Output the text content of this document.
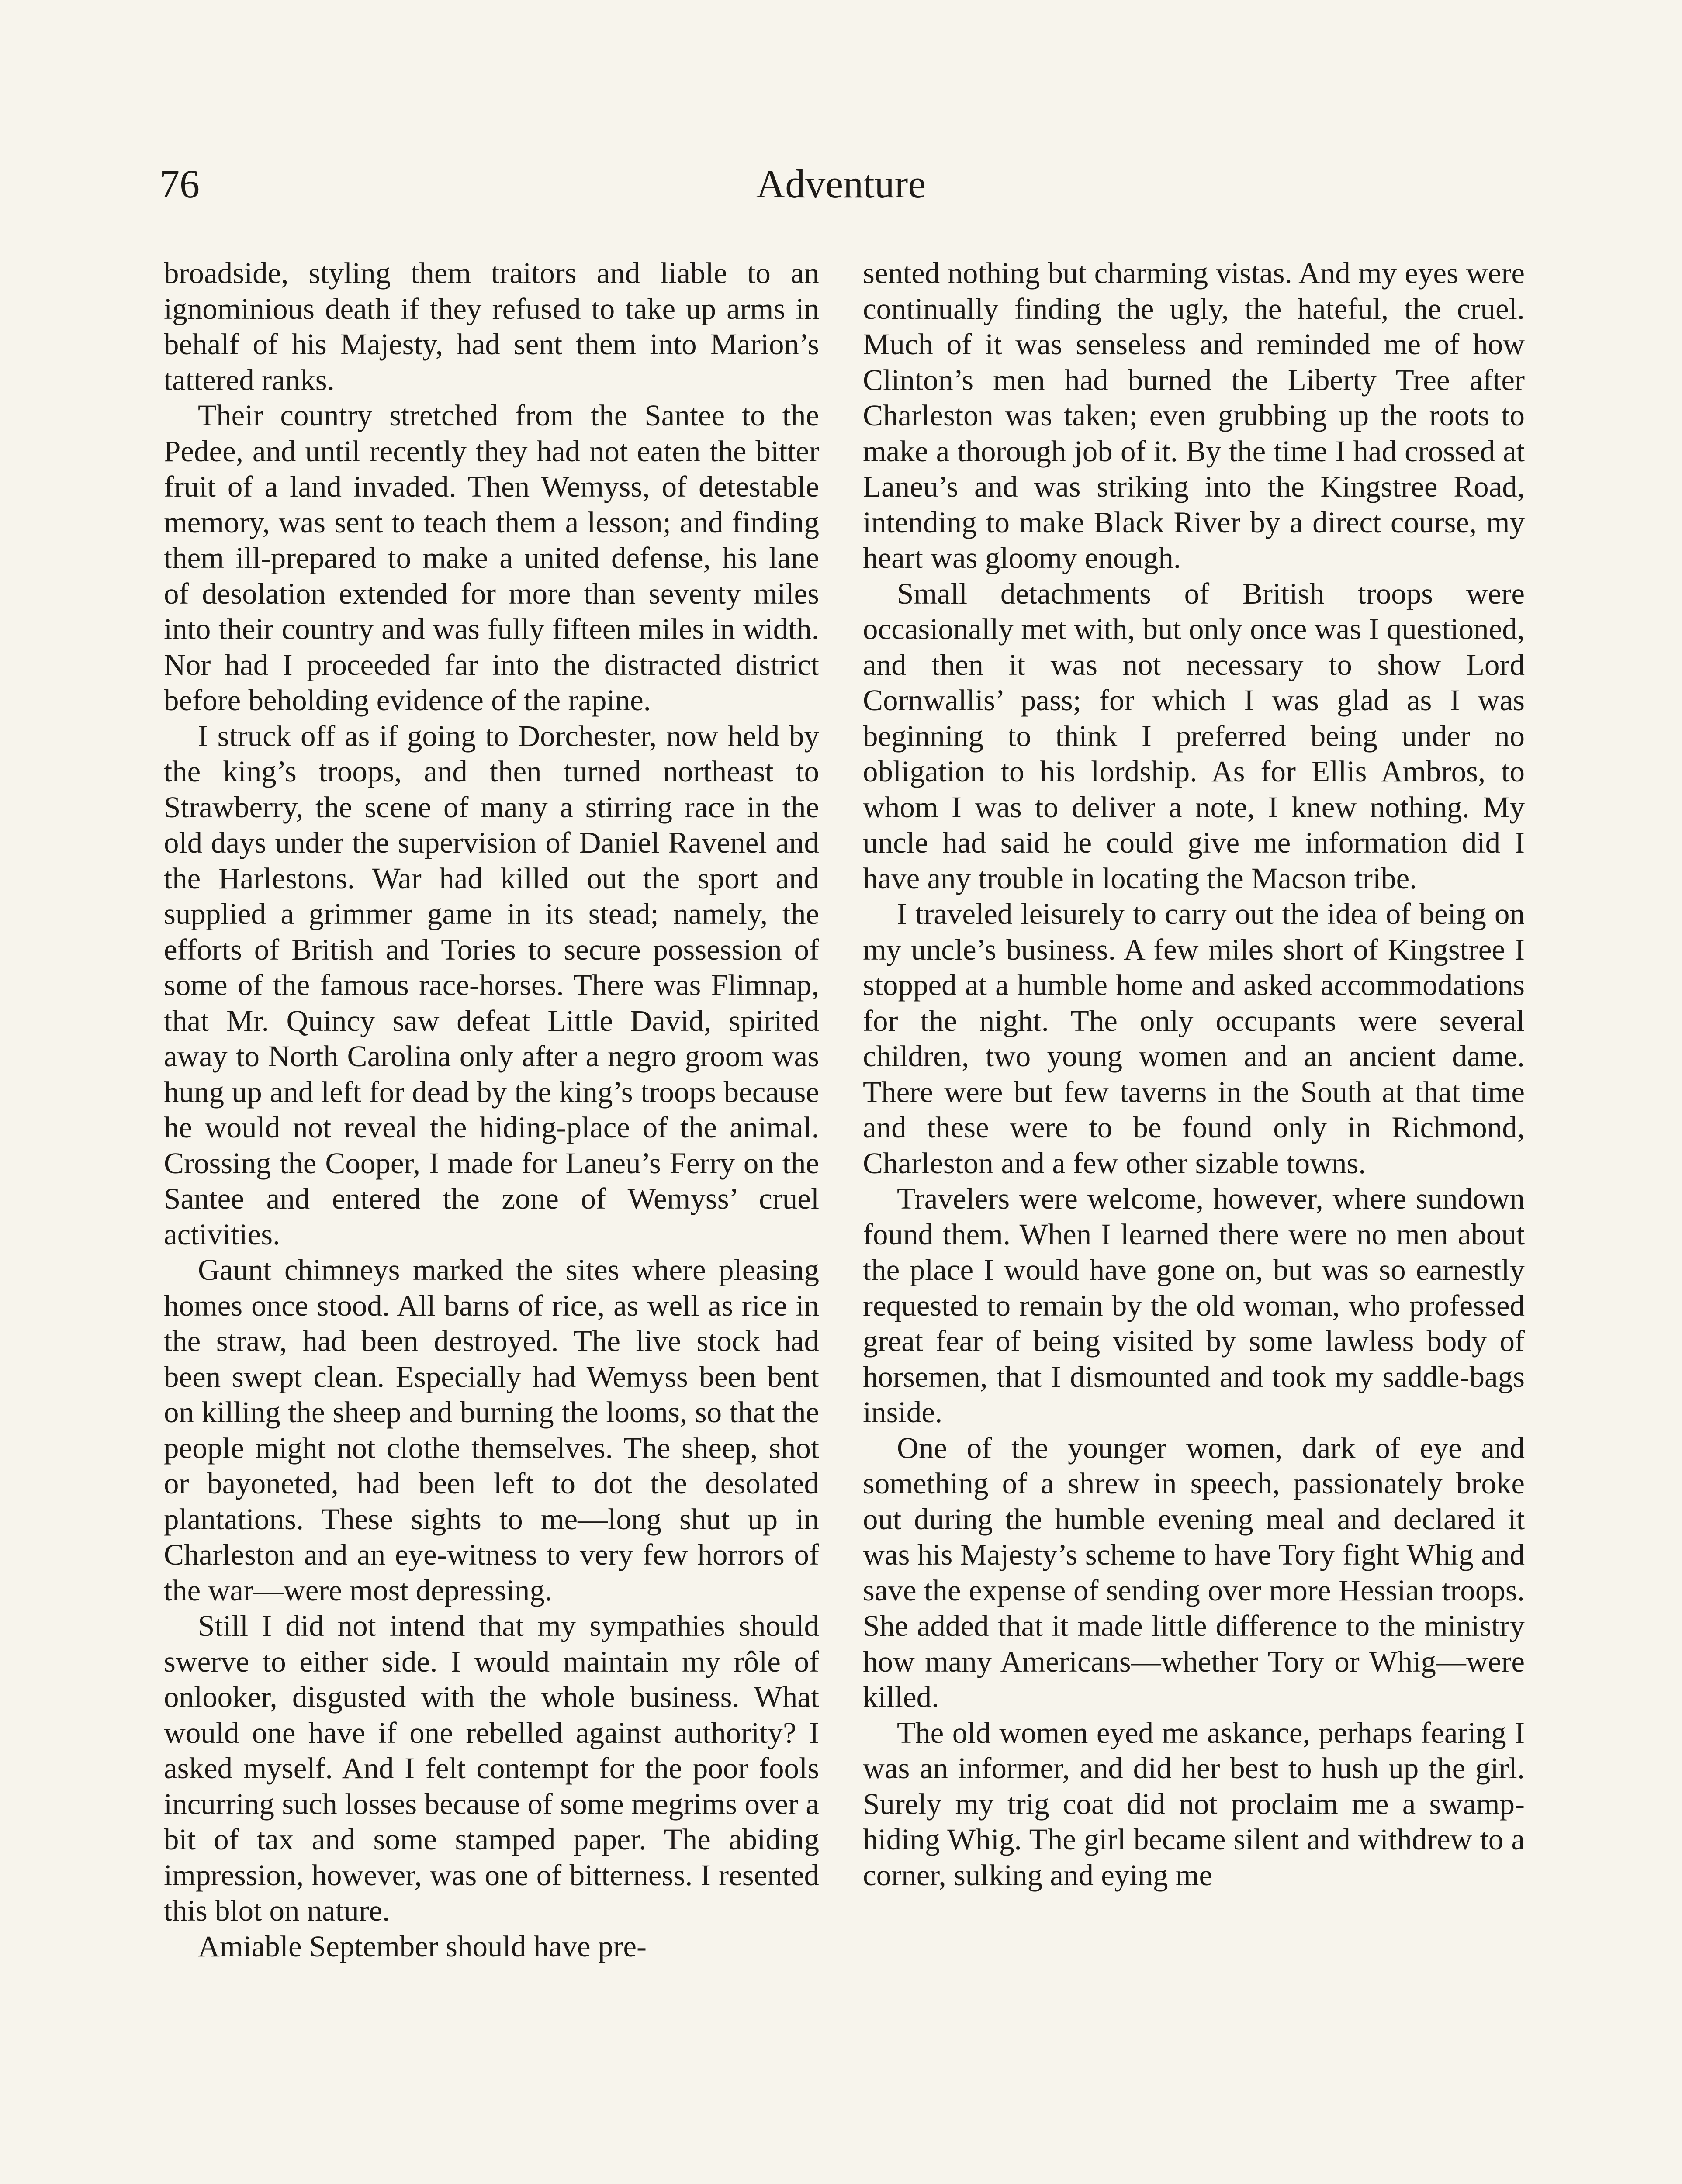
76	Adventure

broadside, styling them traitors and liable to an ignominious death if they refused to take up arms in behalf of his Majesty, had sent them into Marion’s tattered ranks.

Their country stretched from the Santee to the Pedee, and until recently they had not eaten the bitter fruit of a land invaded. Then Wemyss, of detestable memory, was sent to teach them a lesson; and finding them ill-prepared to make a united defense, his lane of desolation extended for more than seventy miles into their country and was fully fifteen miles in width. Nor had I proceeded far into the distracted district before beholding evidence of the rapine.

I struck off as if going to Dorchester, now held by the king’s troops, and then turned northeast to Strawberry, the scene of many a stirring race in the old days under the supervision of Daniel Ravenel and the Harlestons. War had killed out the sport and supplied a grimmer game in its stead; namely, the efforts of British and Tories to secure possession of some of the famous race-horses. There was Flimnap, that Mr. Quincy saw defeat Little David, spirited away to North Carolina only after a negro groom was hung up and left for dead by the king’s troops because he would not reveal the hiding-place of the animal. Crossing the Cooper, I made for Laneu’s Ferry on the Santee and entered the zone of Wemyss’ cruel activities.

Gaunt chimneys marked the sites where pleasing homes once stood. All barns of rice, as well as rice in the straw, had been destroyed. The live stock had been swept clean. Especially had Wemyss been bent on killing the sheep and burning the looms, so that the people might not clothe themselves. The sheep, shot or bayoneted, had been left to dot the desolated plantations. These sights to me—long shut up in Charleston and an eye-witness to very few horrors of the war—were most depressing.

Still I did not intend that my sympathies should swerve to either side. I would maintain my rôle of onlooker, disgusted with the whole business. What would one have if one rebelled against authority? I asked myself. And I felt contempt for the poor fools incurring such losses because of some megrims over a bit of tax and some stamped paper. The abiding impression, however, was one of bitterness. I resented this blot on nature.

Amiable September should have pre-

sented nothing but charming vistas. And my eyes were continually finding the ugly, the hateful, the cruel. Much of it was senseless and reminded me of how Clinton’s men had burned the Liberty Tree after Charleston was taken; even grubbing up the roots to make a thorough job of it. By the time I had crossed at Laneu’s and was striking into the Kingstree Road, intending to make Black River by a direct course, my heart was gloomy enough.

Small detachments of British troops were occasionally met with, but only once was I questioned, and then it was not necessary to show Lord Cornwallis’ pass; for which I was glad as I was beginning to think I preferred being under no obligation to his lordship. As for Ellis Ambros, to whom I was to deliver a note, I knew nothing. My uncle had said he could give me information did I have any trouble in locating the Macson tribe.

I traveled leisurely to carry out the idea of being on my uncle’s business. A few miles short of Kingstree I stopped at a humble home and asked accommodations for the night. The only occupants were several children, two young women and an ancient dame. There were but few taverns in the South at that time and these were to be found only in Richmond, Charleston and a few other sizable towns.

Travelers were welcome, however, where sundown found them. When I learned there were no men about the place I would have gone on, but was so earnestly requested to remain by the old woman, who professed great fear of being visited by some lawless body of horsemen, that I dismounted and took my saddle-bags inside.

One of the younger women, dark of eye and something of a shrew in speech, passionately broke out during the humble evening meal and declared it was his Majesty’s scheme to have Tory fight Whig and save the expense of sending over more Hessian troops. She added that it made little difference to the ministry how many Americans—whether Tory or Whig—were killed.

The old women eyed me askance, perhaps fearing I was an informer, and did her best to hush up the girl. Surely my trig coat did not proclaim me a swamp-hiding Whig. The girl became silent and withdrew to a corner, sulking and eying me
